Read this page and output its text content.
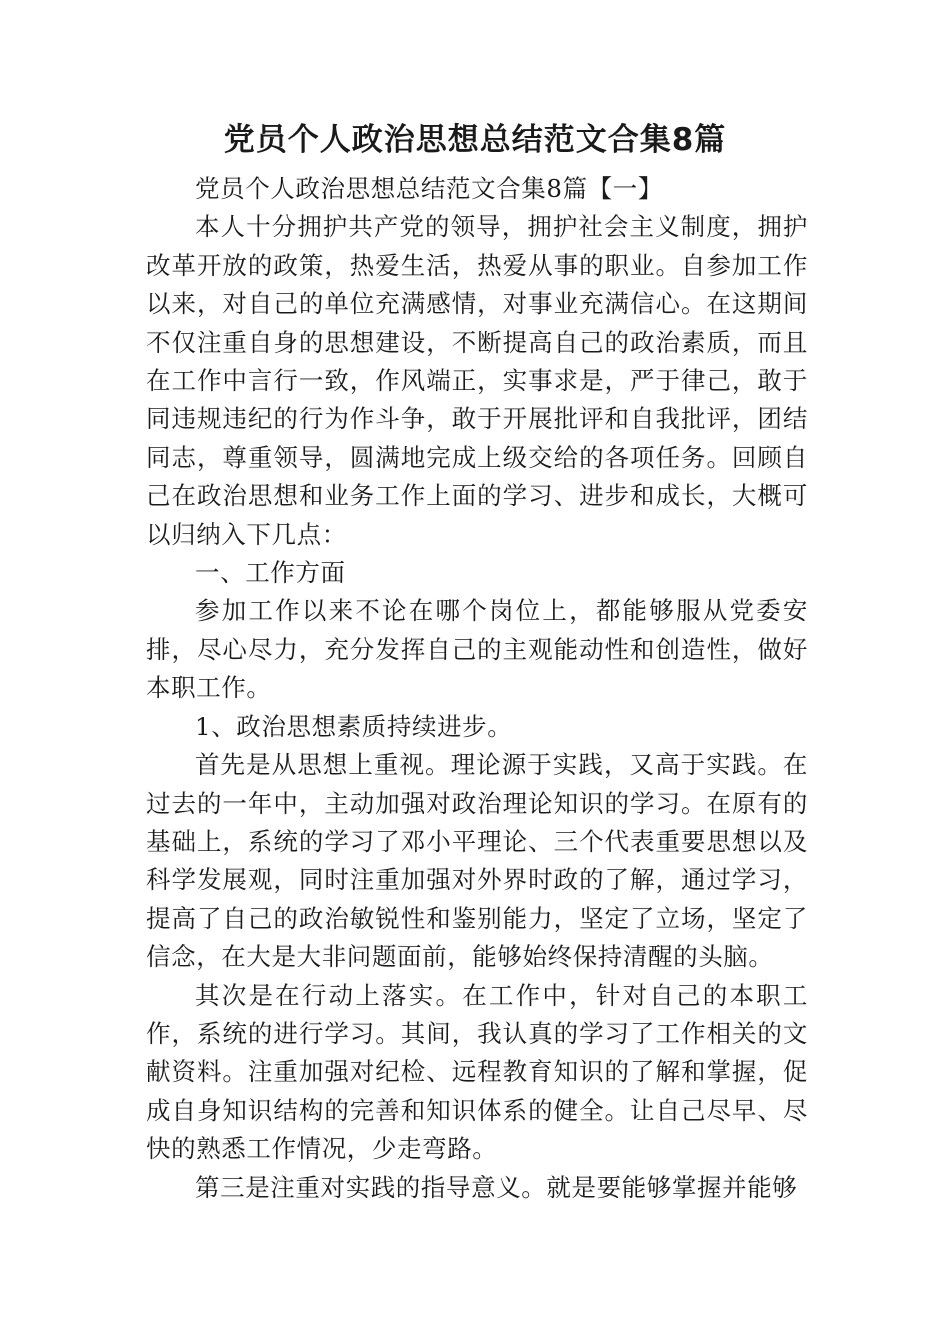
党员个人政治思想总结范文合集8篇

党员个人政治思想总结范文合集8篇【一】

本人十分拥护共产党的领导，拥护社会主义制度，拥护改革开放的政策，热爱生活，热爱从事的职业。自参加工作以来，对自己的单位充满感情，对事业充满信心。在这期间不仅注重自身的思想建设，不断提高自己的政治素质，而且在工作中言行一致，作风端正，实事求是，严于律己，敢于同违规违纪的行为作斗争，敢于开展批评和自我批评，团结同志，尊重领导，圆满地完成上级交给的各项任务。回顾自己在政治思想和业务工作上面的学习、进步和成长，大概可以归纳入下几点：

一、工作方面

参加工作以来不论在哪个岗位上，都能够服从党委安排，尽心尽力，充分发挥自己的主观能动性和创造性，做好本职工作。

1、政治思想素质持续进步。

首先是从思想上重视。理论源于实践，又高于实践。在过去的一年中，主动加强对政治理论知识的学习。在原有的基础上，系统的学习了邓小平理论、三个代表重要思想以及科学发展观，同时注重加强对外界时政的了解，通过学习，提高了自己的政治敏锐性和鉴别能力，坚定了立场，坚定了信念，在大是大非问题面前，能够始终保持清醒的头脑。

其次是在行动上落实。在工作中，针对自己的本职工作，系统的进行学习。其间，我认真的学习了工作相关的文献资料。注重加强对纪检、远程教育知识的了解和掌握，促成自身知识结构的完善和知识体系的健全。让自己尽早、尽快的熟悉工作情况，少走弯路。

第三是注重对实践的指导意义。就是要能够掌握并能够
